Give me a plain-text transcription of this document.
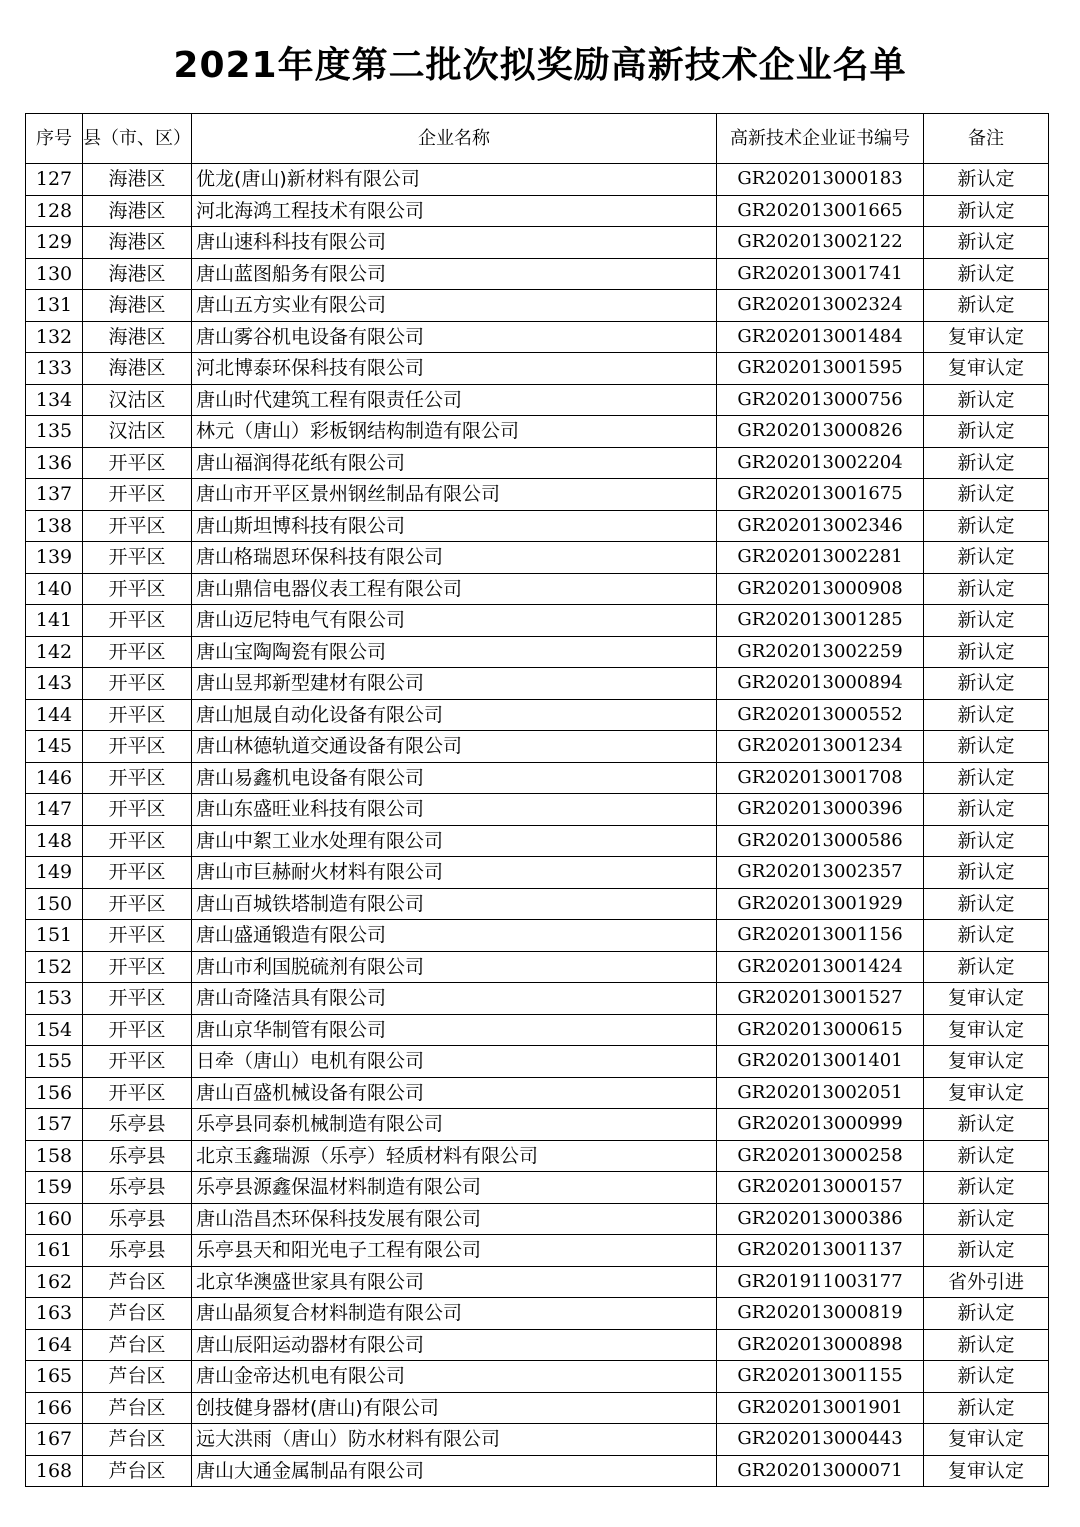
2021年度第二批次拟奖励高新技术企业名单
序号	县（市、区）	企业名称	高新技术企业证书编号	备注
127	海港区	优龙(唐山)新材料有限公司	GR202013000183	新认定
128	海港区	河北海鸿工程技术有限公司	GR202013001665	新认定
129	海港区	唐山速科科技有限公司	GR202013002122	新认定
130	海港区	唐山蓝图船务有限公司	GR202013001741	新认定
131	海港区	唐山五方实业有限公司	GR202013002324	新认定
132	海港区	唐山雾谷机电设备有限公司	GR202013001484	复审认定
133	海港区	河北博泰环保科技有限公司	GR202013001595	复审认定
134	汉沽区	唐山时代建筑工程有限责任公司	GR202013000756	新认定
135	汉沽区	林元（唐山）彩板钢结构制造有限公司	GR202013000826	新认定
136	开平区	唐山福润得花纸有限公司	GR202013002204	新认定
137	开平区	唐山市开平区景州钢丝制品有限公司	GR202013001675	新认定
138	开平区	唐山斯坦博科技有限公司	GR202013002346	新认定
139	开平区	唐山格瑞恩环保科技有限公司	GR202013002281	新认定
140	开平区	唐山鼎信电器仪表工程有限公司	GR202013000908	新认定
141	开平区	唐山迈尼特电气有限公司	GR202013001285	新认定
142	开平区	唐山宝陶陶瓷有限公司	GR202013002259	新认定
143	开平区	唐山昱邦新型建材有限公司	GR202013000894	新认定
144	开平区	唐山旭晟自动化设备有限公司	GR202013000552	新认定
145	开平区	唐山林德轨道交通设备有限公司	GR202013001234	新认定
146	开平区	唐山易鑫机电设备有限公司	GR202013001708	新认定
147	开平区	唐山东盛旺业科技有限公司	GR202013000396	新认定
148	开平区	唐山中絮工业水处理有限公司	GR202013000586	新认定
149	开平区	唐山市巨赫耐火材料有限公司	GR202013002357	新认定
150	开平区	唐山百城铁塔制造有限公司	GR202013001929	新认定
151	开平区	唐山盛通锻造有限公司	GR202013001156	新认定
152	开平区	唐山市利国脱硫剂有限公司	GR202013001424	新认定
153	开平区	唐山奇隆洁具有限公司	GR202013001527	复审认定
154	开平区	唐山京华制管有限公司	GR202013000615	复审认定
155	开平区	日牵（唐山）电机有限公司	GR202013001401	复审认定
156	开平区	唐山百盛机械设备有限公司	GR202013002051	复审认定
157	乐亭县	乐亭县同泰机械制造有限公司	GR202013000999	新认定
158	乐亭县	北京玉鑫瑞源（乐亭）轻质材料有限公司	GR202013000258	新认定
159	乐亭县	乐亭县源鑫保温材料制造有限公司	GR202013000157	新认定
160	乐亭县	唐山浩昌杰环保科技发展有限公司	GR202013000386	新认定
161	乐亭县	乐亭县天和阳光电子工程有限公司	GR202013001137	新认定
162	芦台区	北京华澳盛世家具有限公司	GR201911003177	省外引进
163	芦台区	唐山晶须复合材料制造有限公司	GR202013000819	新认定
164	芦台区	唐山辰阳运动器材有限公司	GR202013000898	新认定
165	芦台区	唐山金帝达机电有限公司	GR202013001155	新认定
166	芦台区	创技健身器材(唐山)有限公司	GR202013001901	新认定
167	芦台区	远大洪雨（唐山）防水材料有限公司	GR202013000443	复审认定
168	芦台区	唐山大通金属制品有限公司	GR202013000071	复审认定
